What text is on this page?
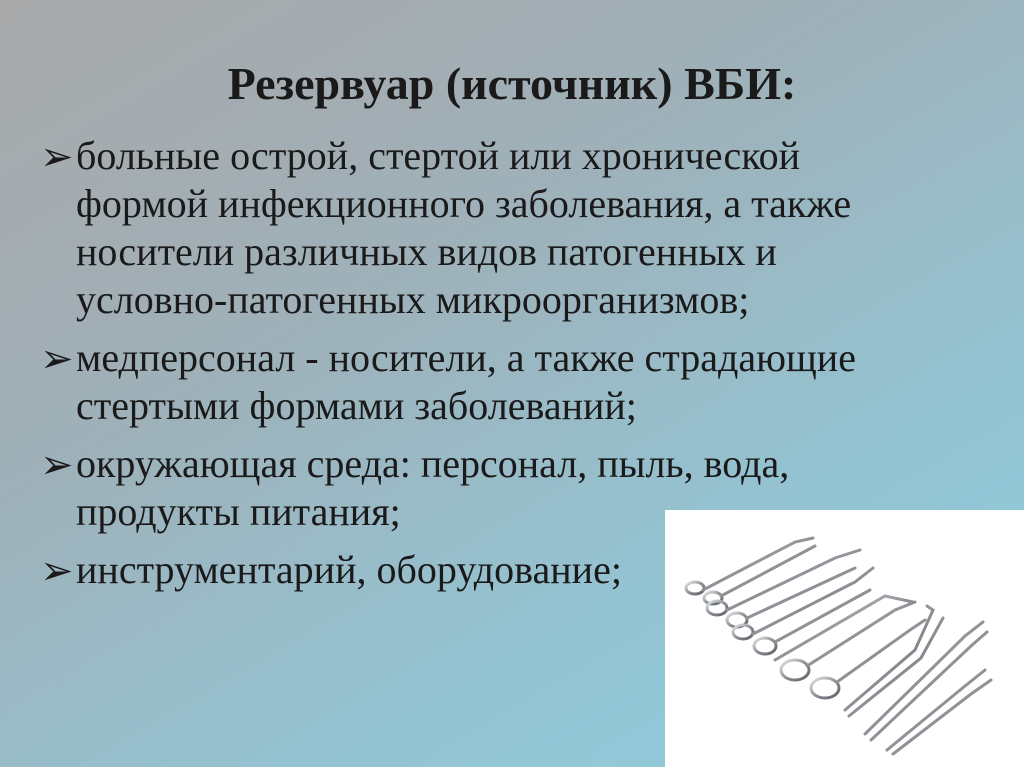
Резервуар (источник) ВБИ:
➢ больные острой, стертой или хронической
формой инфекционного заболевания, а также
носители различных видов патогенных и
условно-патогенных микроорганизмов;
➢ медперсонал - носители, а также страдающие
стертыми формами заболеваний;
➢ окружающая среда: персонал, пыль, вода,
продукты питания;
➢ инструментарий, оборудование;
